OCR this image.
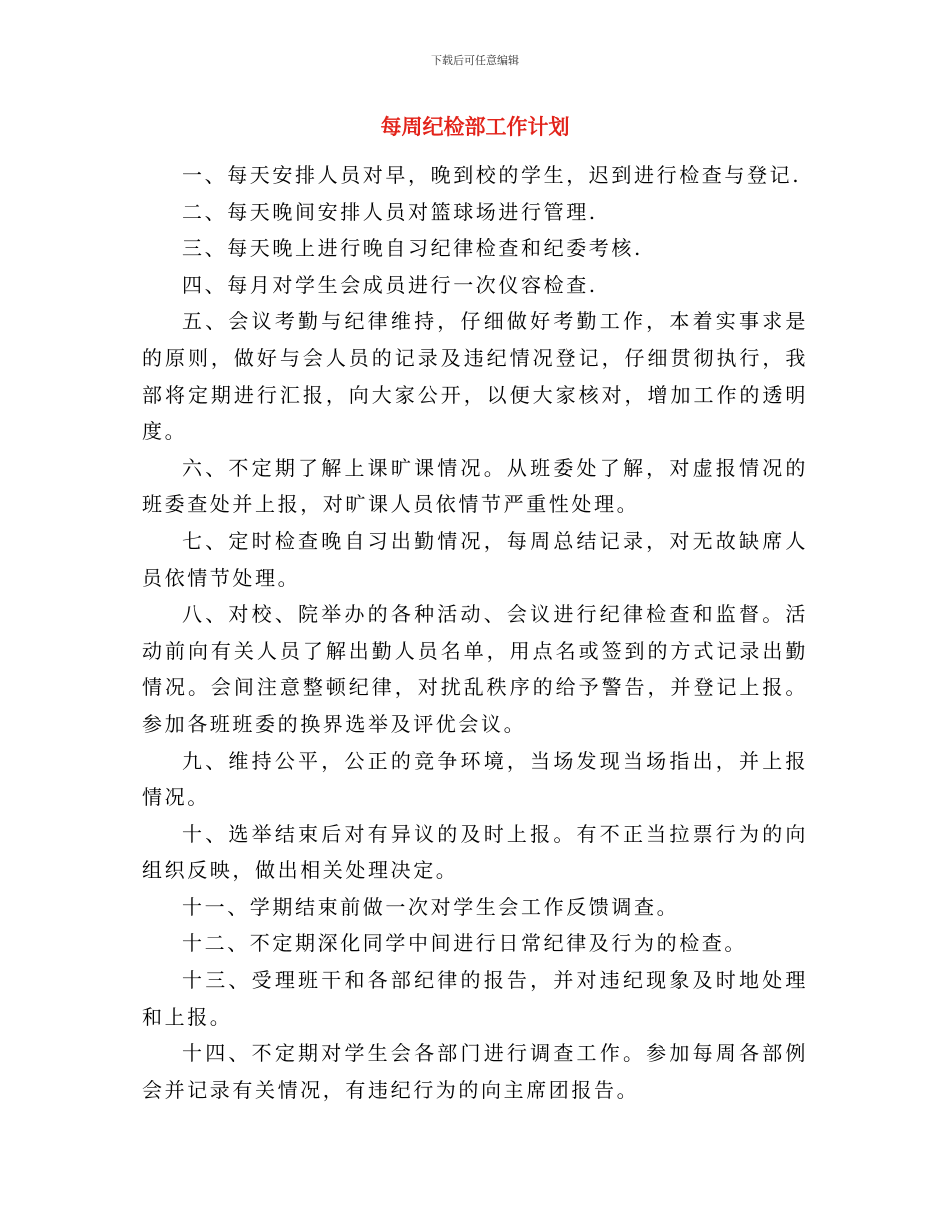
下载后可任意编辑
每周纪检部工作计划

一、每天安排人员对早，晚到校的学生，迟到进行检查与登记.

二、每天晚间安排人员对篮球场进行管理.

三、每天晚上进行晚自习纪律检查和纪委考核.

四、每月对学生会成员进行一次仪容检查.

五、会议考勤与纪律维持，仔细做好考勤工作，本着实事求是的原则，做好与会人员的记录及违纪情况登记，仔细贯彻执行，我部将定期进行汇报，向大家公开，以便大家核对，增加工作的透明度。

六、不定期了解上课旷课情况。从班委处了解，对虚报情况的班委查处并上报，对旷课人员依情节严重性处理。

七、定时检查晚自习出勤情况，每周总结记录，对无故缺席人员依情节处理。

八、对校、院举办的各种活动、会议进行纪律检查和监督。活动前向有关人员了解出勤人员名单，用点名或签到的方式记录出勤情况。会间注意整顿纪律，对扰乱秩序的给予警告，并登记上报。参加各班班委的换界选举及评优会议。

九、维持公平，公正的竞争环境，当场发现当场指出，并上报情况。

十、选举结束后对有异议的及时上报。有不正当拉票行为的向组织反映，做出相关处理决定。

十一、学期结束前做一次对学生会工作反馈调查。

十二、不定期深化同学中间进行日常纪律及行为的检查。

十三、受理班干和各部纪律的报告，并对违纪现象及时地处理和上报。

十四、不定期对学生会各部门进行调查工作。参加每周各部例会并记录有关情况，有违纪行为的向主席团报告。
